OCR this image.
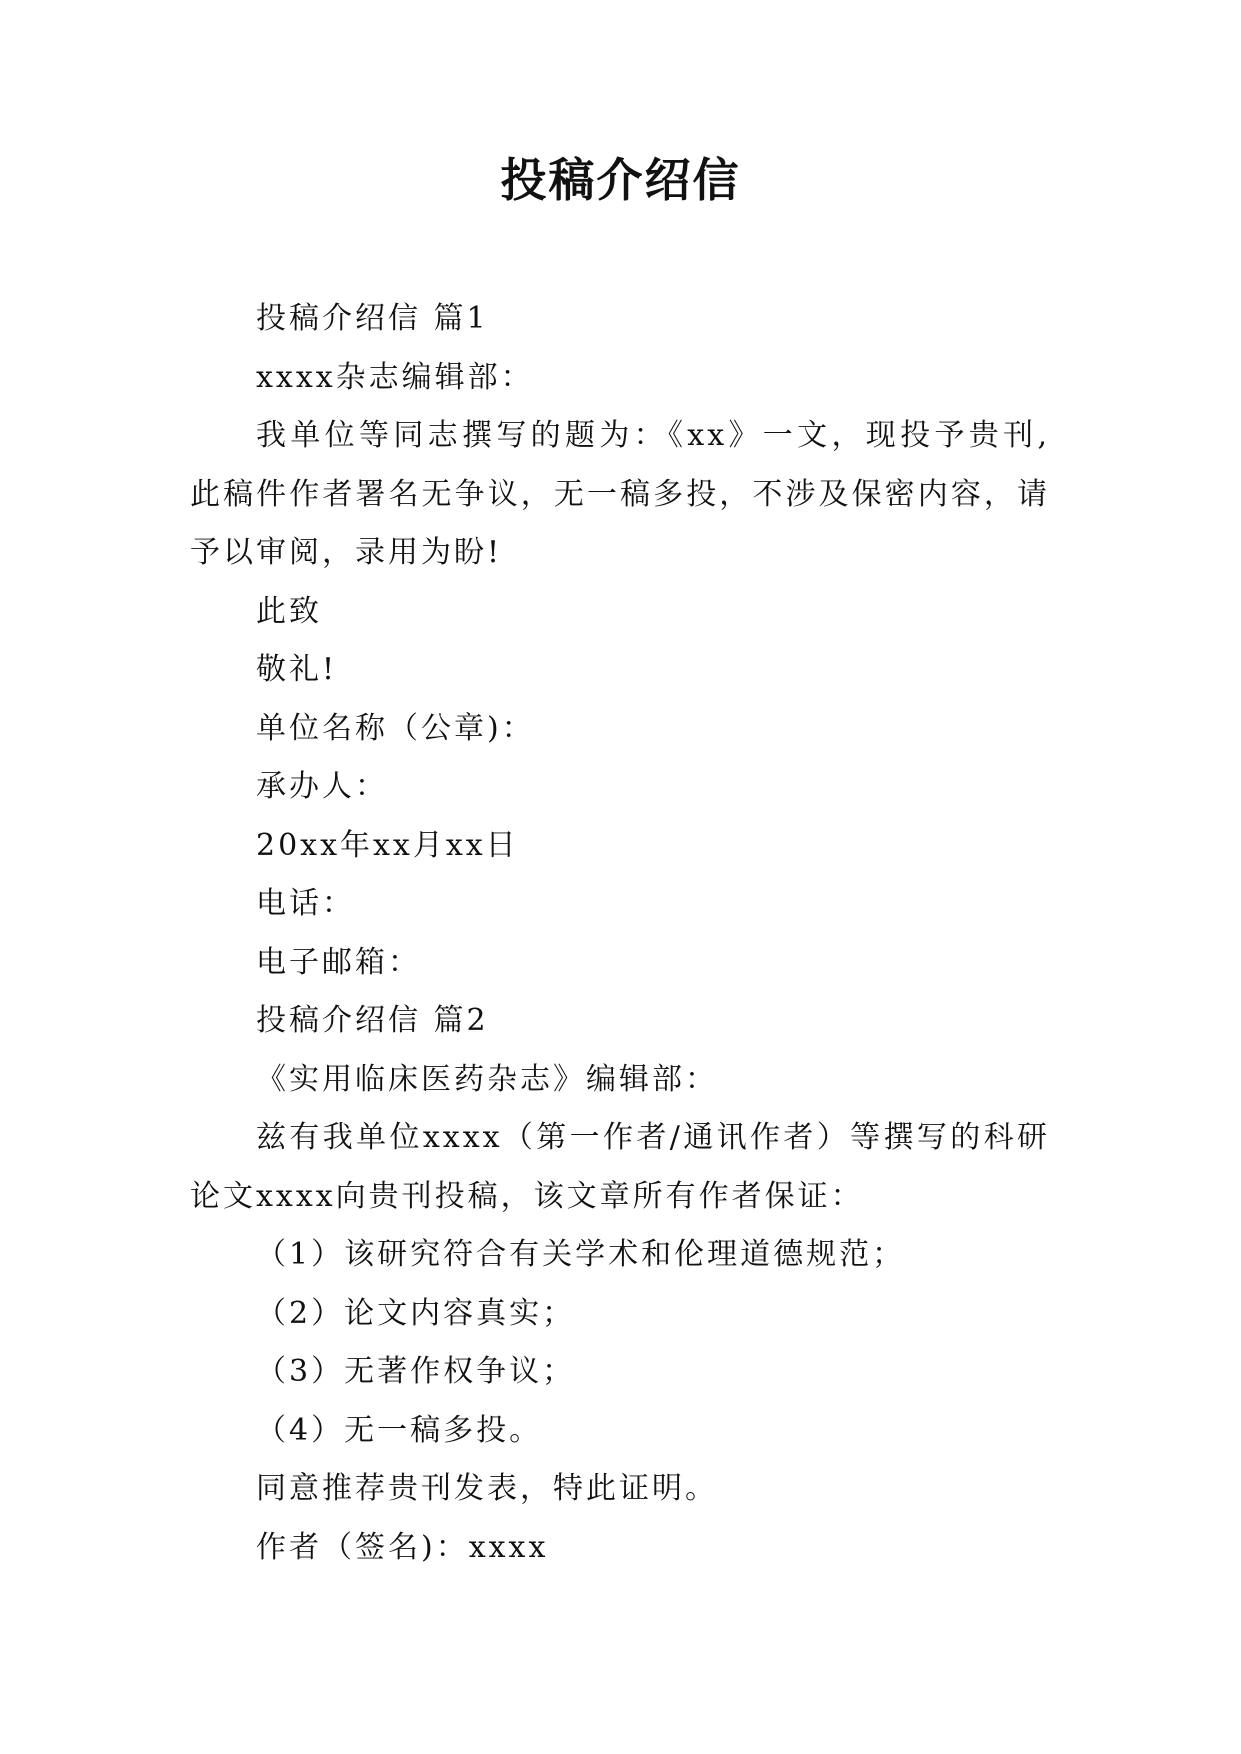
投稿介绍信

投稿介绍信 篇1

xxxx杂志编辑部：

我单位等同志撰写的题为：《xx》一文，现投予贵刊,此稿件作者署名无争议，无一稿多投，不涉及保密内容，请予以审阅，录用为盼!

此致

敬礼!

单位名称（公章)：

承办人：

20xx年xx月xx日

电话：

电子邮箱：

投稿介绍信 篇2

《实用临床医药杂志》编辑部：

兹有我单位xxxx（第一作者/通讯作者）等撰写的科研论文xxxx向贵刊投稿，该文章所有作者保证：

（1）该研究符合有关学术和伦理道德规范；

（2）论文内容真实；

（3）无著作权争议；

（4）无一稿多投。

同意推荐贵刊发表，特此证明。

作者（签名)：xxxx
